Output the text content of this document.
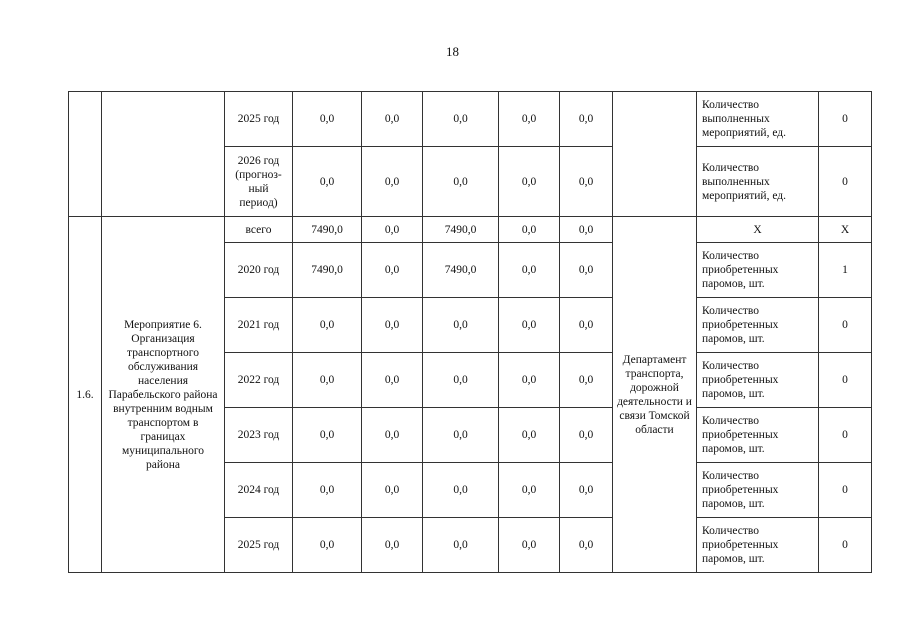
18
		2025 год	0,0	0,0	0,0	0,0	0,0		Количество выполненных мероприятий, ед.	0
		2026 год (прогноз-ный период)	0,0	0,0	0,0	0,0	0,0		Количество выполненных мероприятий, ед.	0
1.6.	Мероприятие 6. Организация транспортного обслуживания населения Парабельского района внутренним водным транспортом в границах муниципального района	всего	7490,0	0,0	7490,0	0,0	0,0	Департамент транспорта, дорожной деятельности и связи Томской области	Х	Х
		2020 год	7490,0	0,0	7490,0	0,0	0,0		Количество приобретенных паромов, шт.	1
		2021 год	0,0	0,0	0,0	0,0	0,0		Количество приобретенных паромов, шт.	0
		2022 год	0,0	0,0	0,0	0,0	0,0		Количество приобретенных паромов, шт.	0
		2023 год	0,0	0,0	0,0	0,0	0,0		Количество приобретенных паромов, шт.	0
		2024 год	0,0	0,0	0,0	0,0	0,0		Количество приобретенных паромов, шт.	0
		2025 год	0,0	0,0	0,0	0,0	0,0		Количество приобретенных паромов, шт.	0
